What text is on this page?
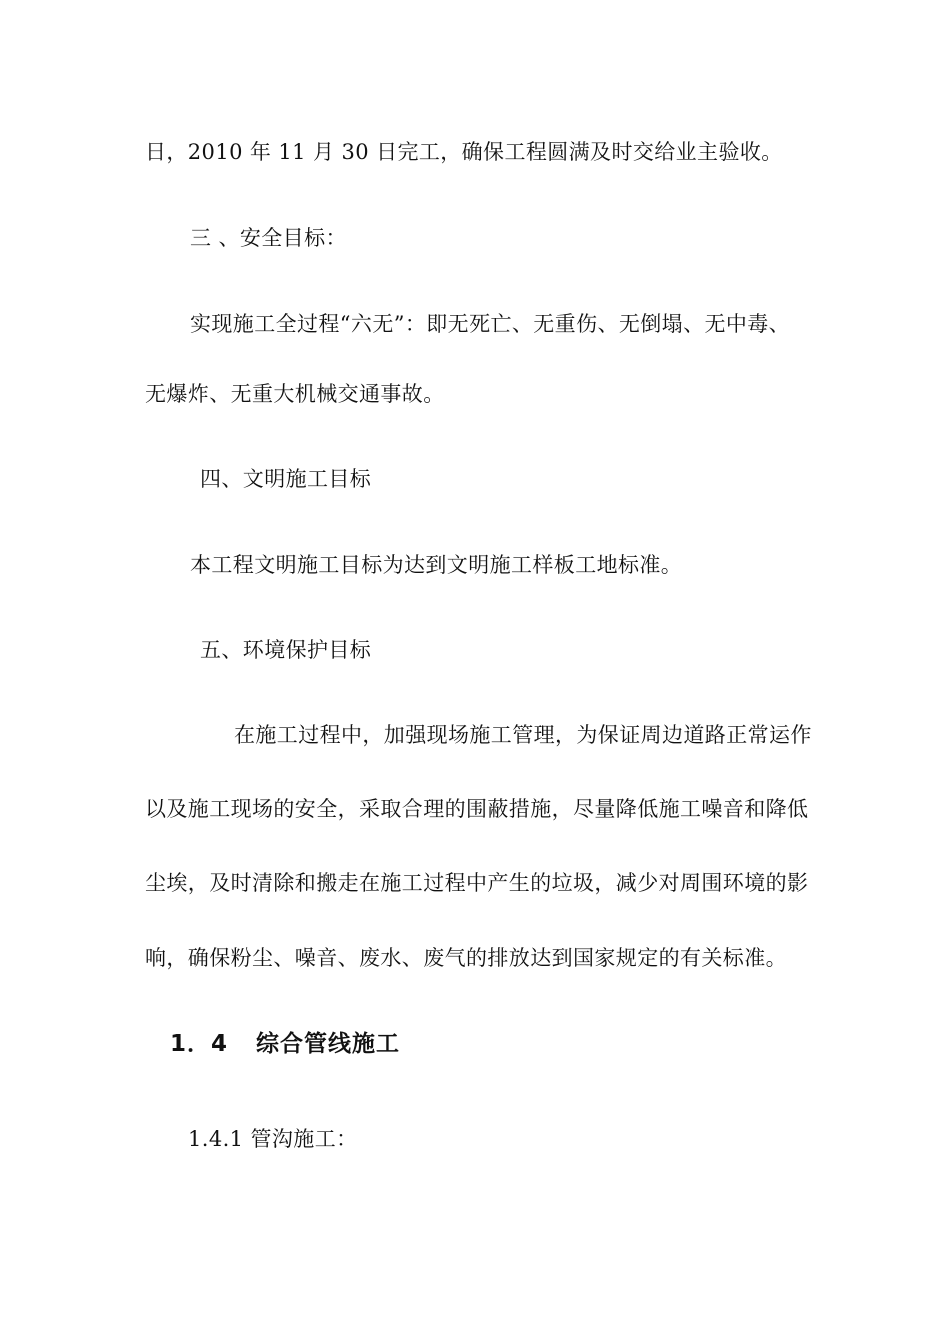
日，2010 年 11 月 30 日完工，确保工程圆满及时交给业主验收。
三 、安全目标：
实现施工全过程“六无”：即无死亡、无重伤、无倒塌、无中毒、
无爆炸、无重大机械交通事故。
四、文明施工目标
本工程文明施工目标为达到文明施工样板工地标准。
五、环境保护目标
在施工过程中，加强现场施工管理，为保证周边道路正常运作
以及施工现场的安全，采取合理的围蔽措施，尽量降低施工噪音和降低
尘埃，及时清除和搬走在施工过程中产生的垃圾，减少对周围环境的影
响，确保粉尘、噪音、废水、废气的排放达到国家规定的有关标准。
1．4 综合管线施工
1.4.1 管沟施工：
